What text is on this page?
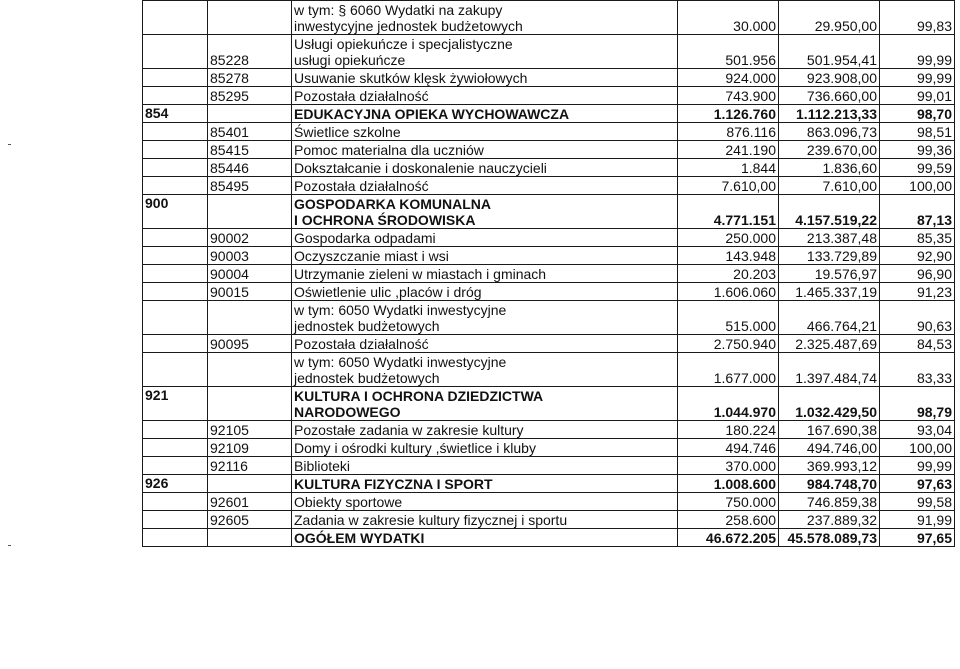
		w tym: § 6060 Wydatki na zakupy
inwestycyjne jednostek budżetowych	30.000	29.950,00	99,83
	85228	Usługi opiekuńcze i specjalistyczne
usługi opiekuńcze	501.956	501.954,41	99,99
	85278	Usuwanie skutków klęsk żywiołowych	924.000	923.908,00	99,99
	85295	Pozostała działalność	743.900	736.660,00	99,01
854		EDUKACYJNA OPIEKA WYCHOWAWCZA	1.126.760	1.112.213,33	98,70
	85401	Świetlice szkolne	876.116	863.096,73	98,51
	85415	Pomoc materialna dla uczniów	241.190	239.670,00	99,36
	85446	Dokształcanie i doskonalenie nauczycieli	1.844	1.836,60	99,59
	85495	Pozostała działalność	7.610,00	7.610,00	100,00
900		GOSPODARKA KOMUNALNA
I OCHRONA ŚRODOWISKA	4.771.151	4.157.519,22	87,13
	90002	Gospodarka odpadami	250.000	213.387,48	85,35
	90003	Oczyszczanie miast i wsi	143.948	133.729,89	92,90
	90004	Utrzymanie zieleni w miastach i gminach	20.203	19.576,97	96,90
	90015	Oświetlenie ulic ,placów i dróg	1.606.060	1.465.337,19	91,23

		w tym: 6050 Wydatki inwestycyjne
jednostek budżetowych	515.000	466.764,21	90,63
	90095	Pozostała działalność	2.750.940	2.325.487,69	84,53

		w tym: 6050 Wydatki inwestycyjne
jednostek budżetowych	1.677.000	1.397.484,74	83,33
921		KULTURA I OCHRONA DZIEDZICTWA
NARODOWEGO	1.044.970	1.032.429,50	98,79
	92105	Pozostałe zadania w zakresie kultury	180.224	167.690,38	93,04
	92109	Domy i ośrodki kultury ,świetlice i kluby	494.746	494.746,00	100,00
	92116	Biblioteki	370.000	369.993,12	99,99
926		KULTURA FIZYCZNA I SPORT	1.008.600	984.748,70	97,63
	92601	Obiekty sportowe	750.000	746.859,38	99,58
	92605	Zadania w zakresie kultury fizycznej i sportu	258.600	237.889,32	91,99

		OGÓŁEM WYDATKI	46.672.205	45.578.089,73	97,65
